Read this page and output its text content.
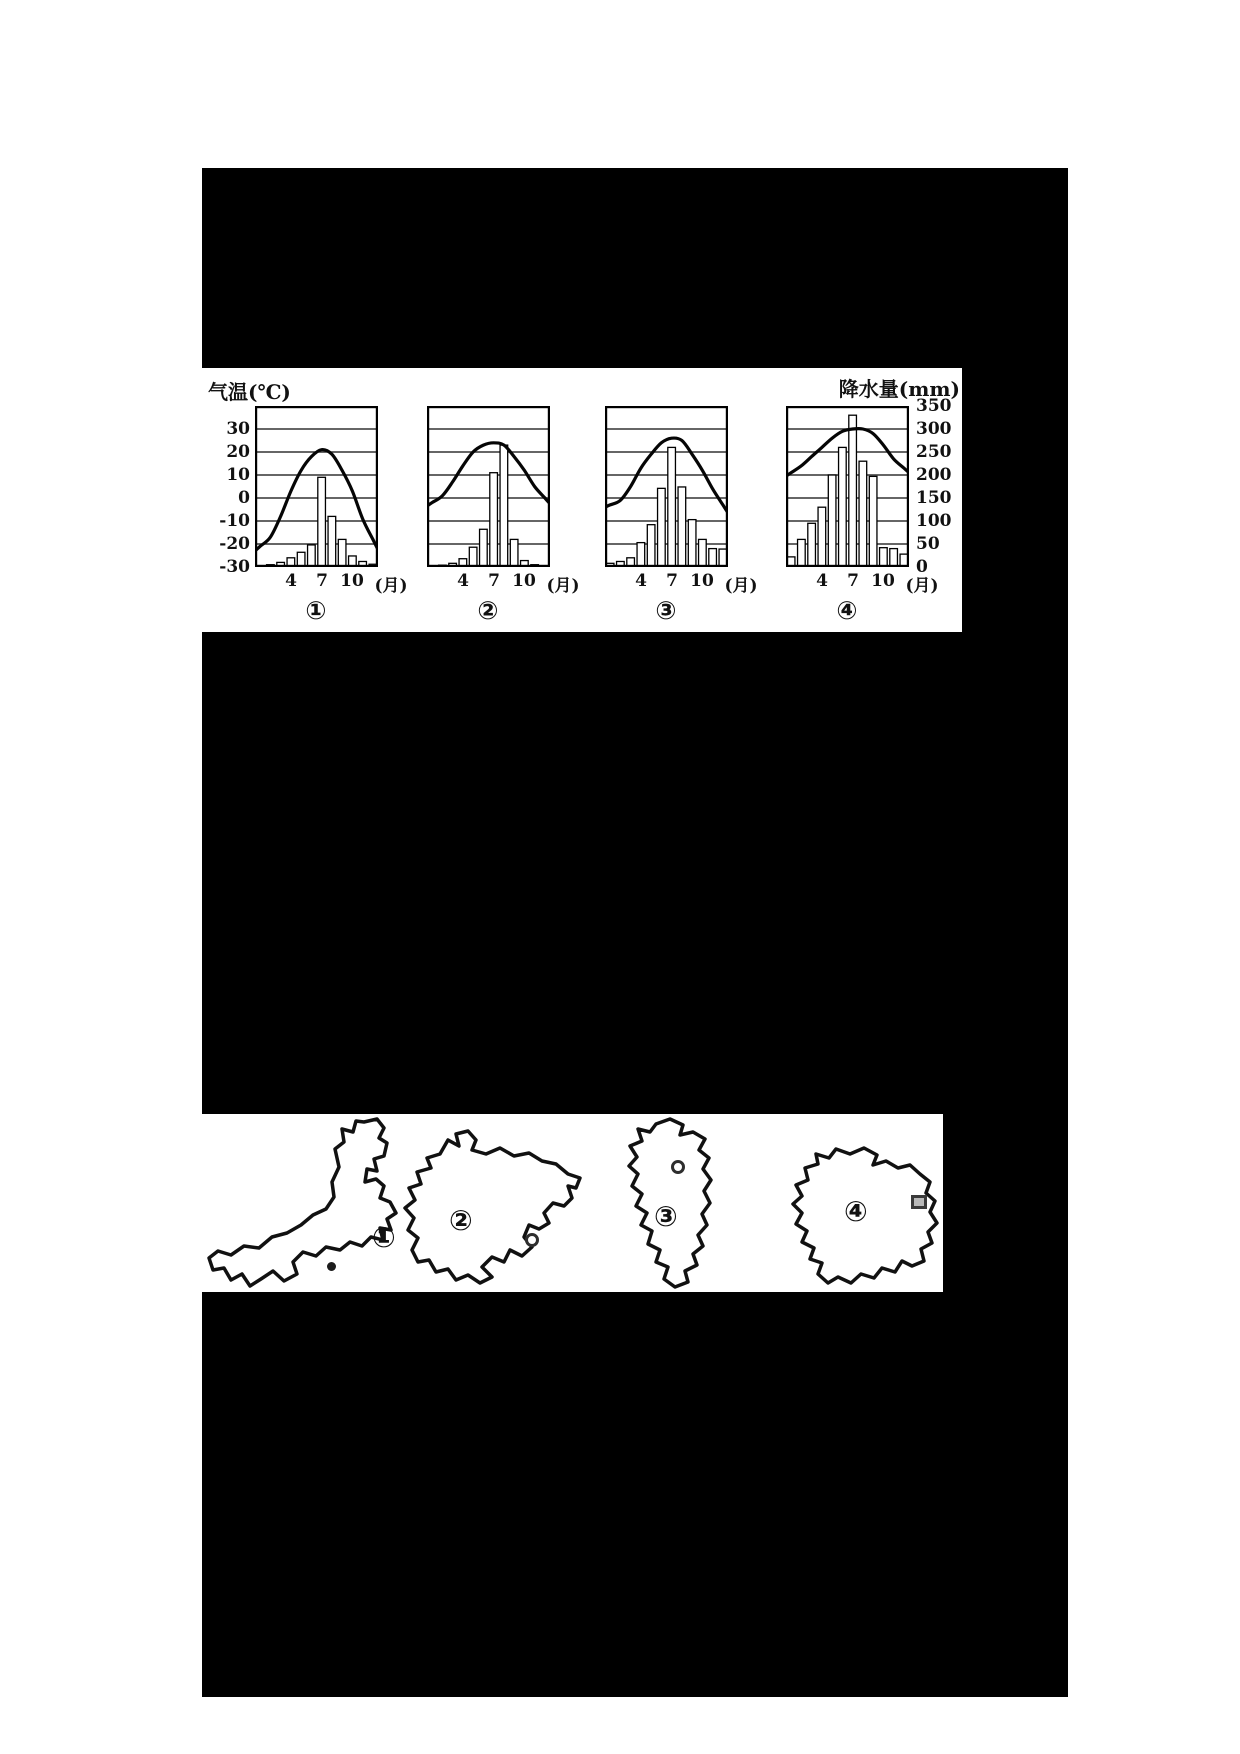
气温(℃)	降水量(mm)
30
20
10
0
-10
-20
-30
350
300
250
200
150
100
50
0
4 7 10 (月)
①
4 7 10 (月)
②
4 7 10 (月)
③
4 7 10 (月)
④
①
②	③	④
